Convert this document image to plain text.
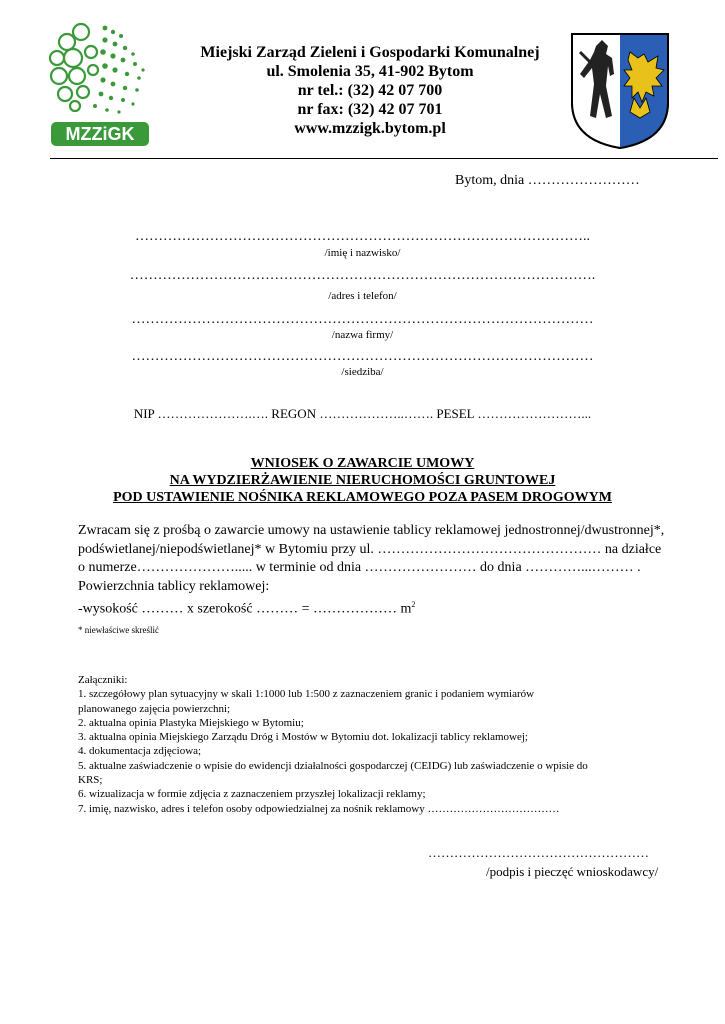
MZZiGK
Miejski Zarząd Zieleni i Gospodarki Komunalnej
ul. Smolenia 35, 41-902 Bytom
nr tel.: (32) 42 07 700
nr fax: (32) 42 07 701
www.mzzigk.bytom.pl
Bytom, dnia ……………………
……………………………………………………………………………………..
/imię i nazwisko/
……………………………………………………………………………………….
/adres i telefon/
………………………………………………………………………………………
/nazwa firmy/
………………………………………………………………………………………
/siedziba/
NIP ………………….…. REGON ………………..……. PESEL ……………………...
WNIOSEK O ZAWARCIE UMOWY
NA WYDZIERŻAWIENIE NIERUCHOMOŚCI GRUNTOWEJ
POD USTAWIENIE NOŚNIKA REKLAMOWEGO POZA PASEM DROGOWYM
Zwracam się z prośbą o zawarcie umowy na ustawienie tablicy reklamowej jednostronnej/dwustronnej*,
podświetlanej/niepodświetlanej* w Bytomiu przy ul. ………………………………………… na działce
o numerze…………………..... w terminie od dnia …………………… do dnia …………...……… .
Powierzchnia tablicy reklamowej:
-wysokość ……… x szerokość ……… = ……………… $m^2$
* niewłaściwe skreślić
Załączniki:
1. szczegółowy plan sytuacyjny w skali 1:1000 lub 1:500 z zaznaczeniem granic i podaniem wymiarów
planowanego zajęcia powierzchni;
2. aktualna opinia Plastyka Miejskiego w Bytomiu;
3. aktualna opinia Miejskiego Zarządu Dróg i Mostów w Bytomiu dot. lokalizacji tablicy reklamowej;
4. dokumentacja zdjęciowa;
5. aktualne zaświadczenie o wpisie do ewidencji działalności gospodarczej (CEIDG) lub zaświadczenie o wpisie do
KRS;
6. wizualizacja w formie zdjęcia z zaznaczeniem przyszłej lokalizacji reklamy;
7. imię, nazwisko, adres i telefon osoby odpowiedzialnej za nośnik reklamowy ………………………………
……………………………………………
/podpis i pieczęć wnioskodawcy/
